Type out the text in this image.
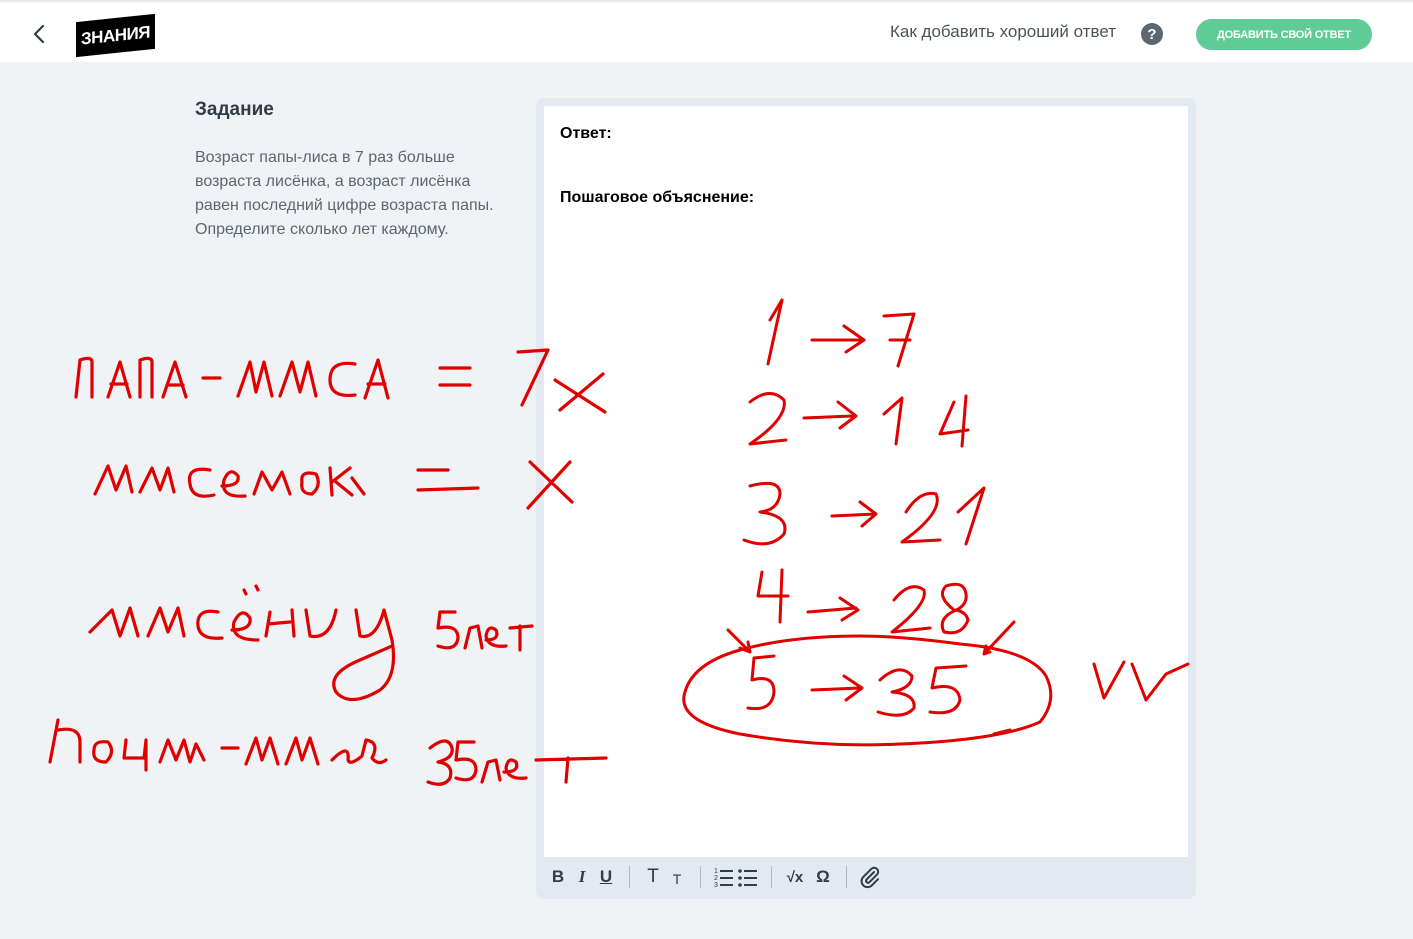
ЗНАНИЯ	Как добавить хороший ответ	?	ДОБАВИТЬ СВОЙ ОТВЕТ
Задание
Возраст папы-лиса в 7 раз больше возраста лисёнка, а возраст лисёнка равен последний цифре возраста папы. Определите сколько лет каждому.
Ответ:
Пошаговое объяснение:
B I U	T T	1
2
3	√x Ω
